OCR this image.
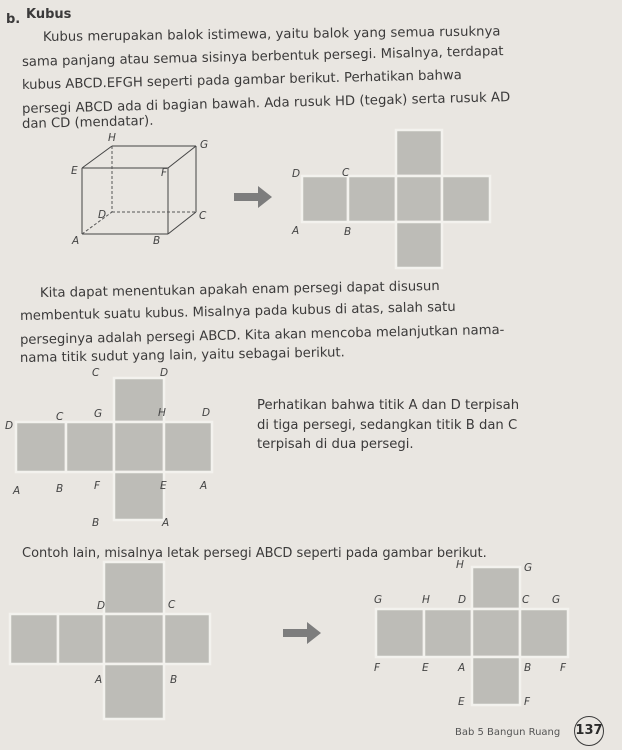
b. Kubus
Kubus merupakan balok istimewa, yaitu balok yang semua rusuknya
sama panjang atau semua sisinya berbentuk persegi. Misalnya, terdapat
kubus ABCD.EFGH seperti pada gambar berikut. Perhatikan bahwa
persegi ABCD ada di bagian bawah. Ada rusuk HD (tegak) serta rusuk AD
dan CD (mendatar).
H
G
E	F
D	C
A	B
D	C
A	B
Kita dapat menentukan apakah enam persegi dapat disusun
membentuk suatu kubus. Misalnya pada kubus di atas, salah satu
perseginya adalah persegi ABCD. Kita akan mencoba melanjutkan nama-
nama titik sudut yang lain, yaitu sebagai berikut.
C	D
D
C	G	H	D
A	B	F	E	A
B	A
Perhatikan bahwa titik A dan D terpisah
di tiga persegi, sedangkan titik B dan C
terpisah di dua persegi.
Contoh lain, misalnya letak persegi ABCD seperti pada gambar berikut.
D	C
A	B
H	G
G	H	D	C G
F	E	A	B	F
E	F
Bab 5 Bangun Ruang 137
